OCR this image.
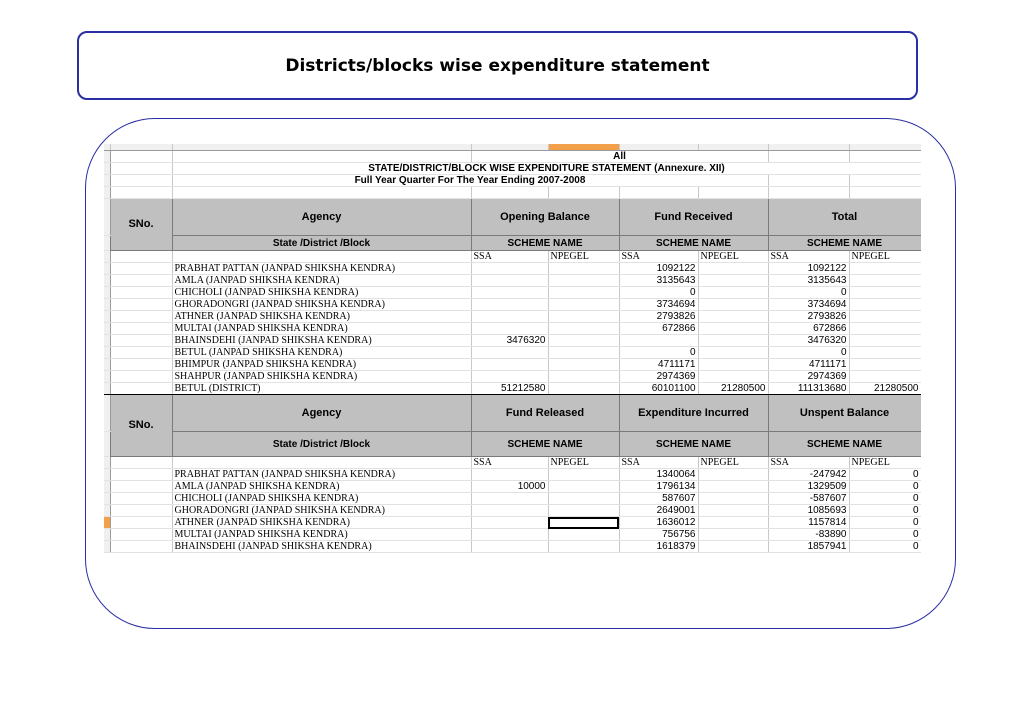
Districts/blocks wise expenditure statement

			All						
		STATE/DISTRICT/BLOCK WISE EXPENDITURE STATEMENT (Annexure. XII)							
		Full Year Quarter For The Year Ending 2007-2008							

	SNo.	Agency	Opening Balance		Fund Received		Total		
		State /District /Block	SCHEME NAME		SCHEME NAME		SCHEME NAME		
			SSA	NPEGEL	SSA	NPEGEL	SSA	NPEGEL	
		PRABHAT PATTAN (JANPAD SHIKSHA KENDRA)			1092122		1092122		
		AMLA (JANPAD SHIKSHA KENDRA)			3135643		3135643		
		CHICHOLI (JANPAD SHIKSHA KENDRA)			0		0		
		GHORADONGRI (JANPAD SHIKSHA KENDRA)			3734694		3734694		
		ATHNER (JANPAD SHIKSHA KENDRA)			2793826		2793826		
		MULTAI (JANPAD SHIKSHA KENDRA)			672866		672866		
		BHAINSDEHI (JANPAD SHIKSHA KENDRA)	3476320				3476320		
		BETUL (JANPAD SHIKSHA KENDRA)			0		0		
		BHIMPUR (JANPAD SHIKSHA KENDRA)			4711171		4711171		
		SHAHPUR (JANPAD SHIKSHA KENDRA)			2974369		2974369		
		BETUL (DISTRICT)	51212580		60101100	21280500	111313680	21280500	
	SNo.	Agency	Fund Released		Expenditure Incurred		Unspent Balance		
		State /District /Block	SCHEME NAME		SCHEME NAME		SCHEME NAME		
			SSA	NPEGEL	SSA	NPEGEL	SSA	NPEGEL	
		PRABHAT PATTAN (JANPAD SHIKSHA KENDRA)			1340064		-247942	0	
		AMLA (JANPAD SHIKSHA KENDRA)	10000		1796134		1329509	0	
		CHICHOLI (JANPAD SHIKSHA KENDRA)			587607		-587607	0	
		GHORADONGRI (JANPAD SHIKSHA KENDRA)			2649001		1085693	0	
		ATHNER (JANPAD SHIKSHA KENDRA)			1636012		1157814	0	
		MULTAI (JANPAD SHIKSHA KENDRA)			756756		-83890	0	
		BHAINSDEHI (JANPAD SHIKSHA KENDRA)			1618379		1857941	0	
